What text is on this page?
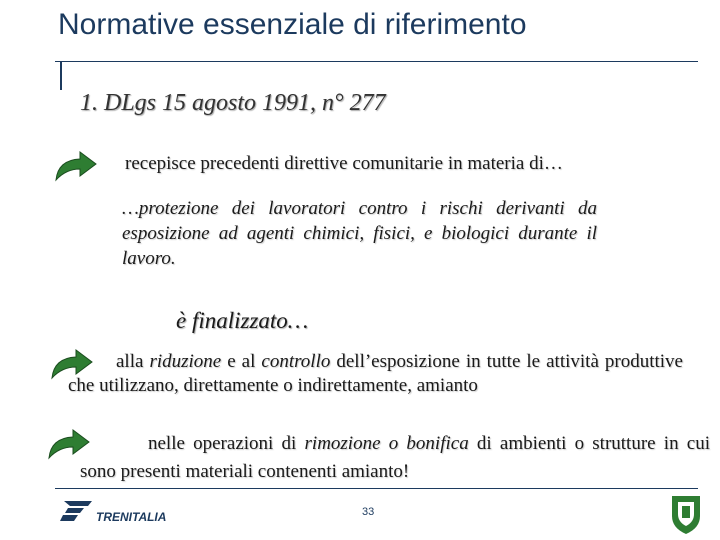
Normative essenziale di riferimento
1. DLgs 15 agosto 1991, n° 277
recepisce precedenti direttive comunitarie in materia di…
…protezione dei lavoratori contro i rischi derivanti da esposizione ad agenti chimici, fisici, e biologici durante il lavoro.
è finalizzato…
alla riduzione e al controllo dell’esposizione in tutte le attività produttive che utilizzano, direttamente o indirettamente, amianto
nelle operazioni di rimozione o bonifica di ambienti o strutture in cui sono presenti materiali contenenti amianto!
TRENITALIA	33
